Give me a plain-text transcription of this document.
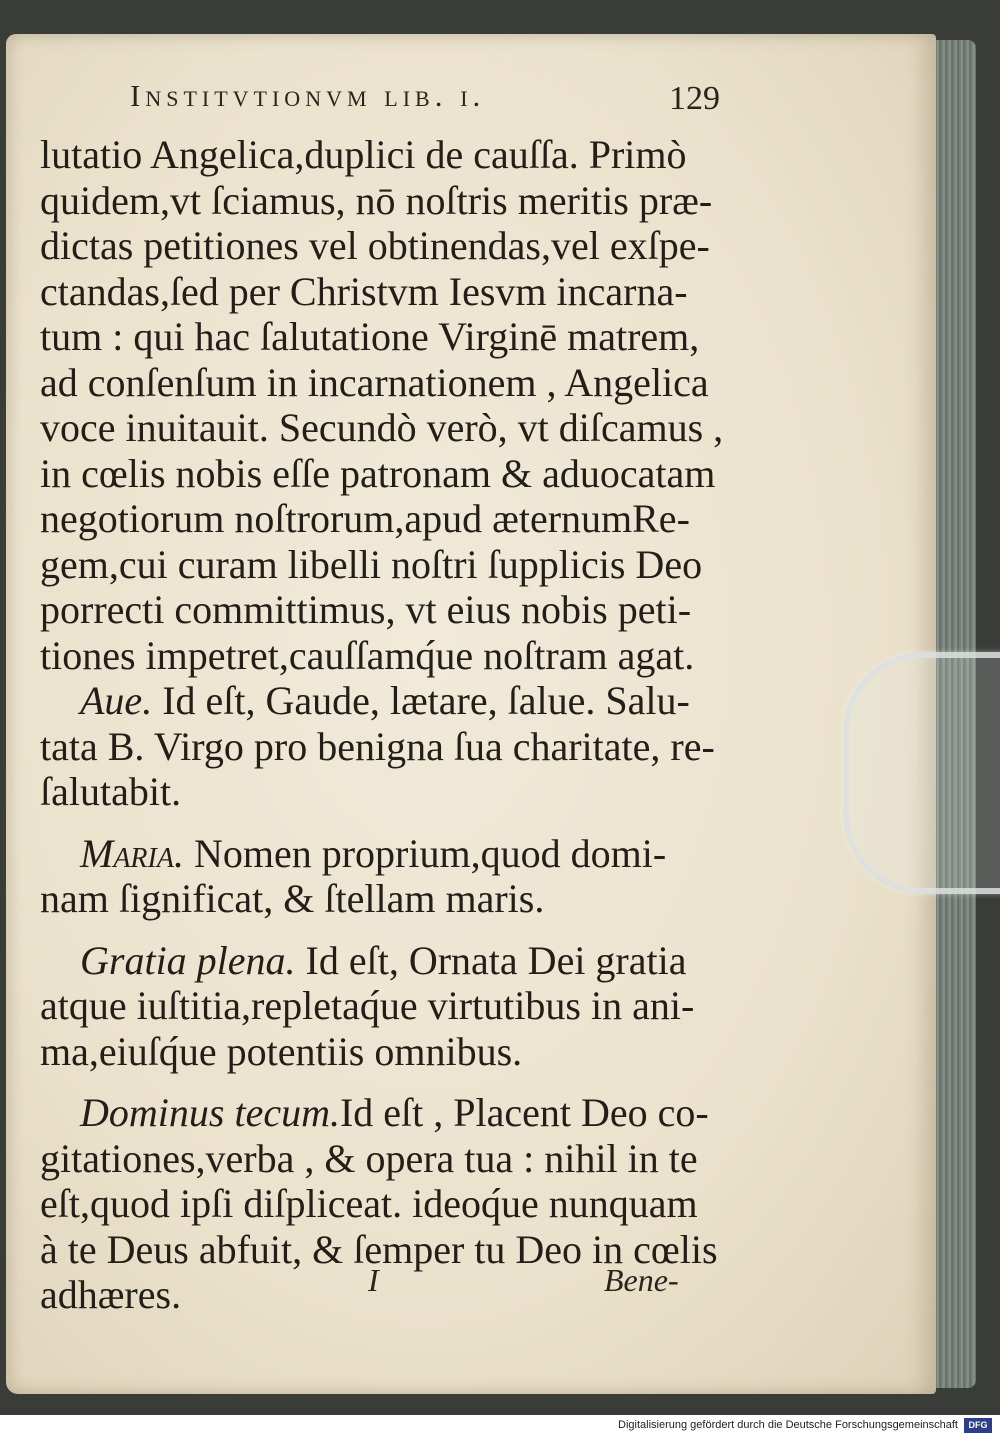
Institvtionvm lib. i.	129
lutatio Angelica,duplici de cauſſa. Primò
quidem,vt ſciamus, nō noſtris meritis præ-
dictas petitiones vel obtinendas,vel exſpe-
ctandas,ſed per Christvm Iesvm incarna-
tum : qui hac ſalutatione Virginē matrem,
ad conſenſum in incarnationem , Angelica
voce inuitauit. Secundò verò, vt diſcamus ,
in cœlis nobis eſſe patronam & aduocatam
negotiorum noſtrorum,apud æternumRe-
gem,cui curam libelli noſtri ſupplicis Deo
porrecti committimus, vt eius nobis peti-
tiones impetret,cauſſamq́ue noſtram agat.
 Aue. Id eſt, Gaude, lætare, ſalue. Salu-
tata B. Virgo pro benigna ſua charitate, re-
ſalutabit.
 Maria. Nomen proprium,quod domi-
nam ſignificat, & ſtellam maris.
 Gratia plena. Id eſt, Ornata Dei gratia
atque iuſtitia,repletaq́ue virtutibus in ani-
ma,eiuſq́ue potentiis omnibus.
 Dominus tecum.Id eſt , Placent Deo co-
gitationes,verba , & opera tua : nihil in te
eſt,quod ipſi diſpliceat. ideoq́ue nunquam
à te Deus abfuit, & ſemper tu Deo in cœlis
adhæres.	I	Bene-
Digitalisierung gefördert durch die Deutsche Forschungsgemeinschaft	DFG
